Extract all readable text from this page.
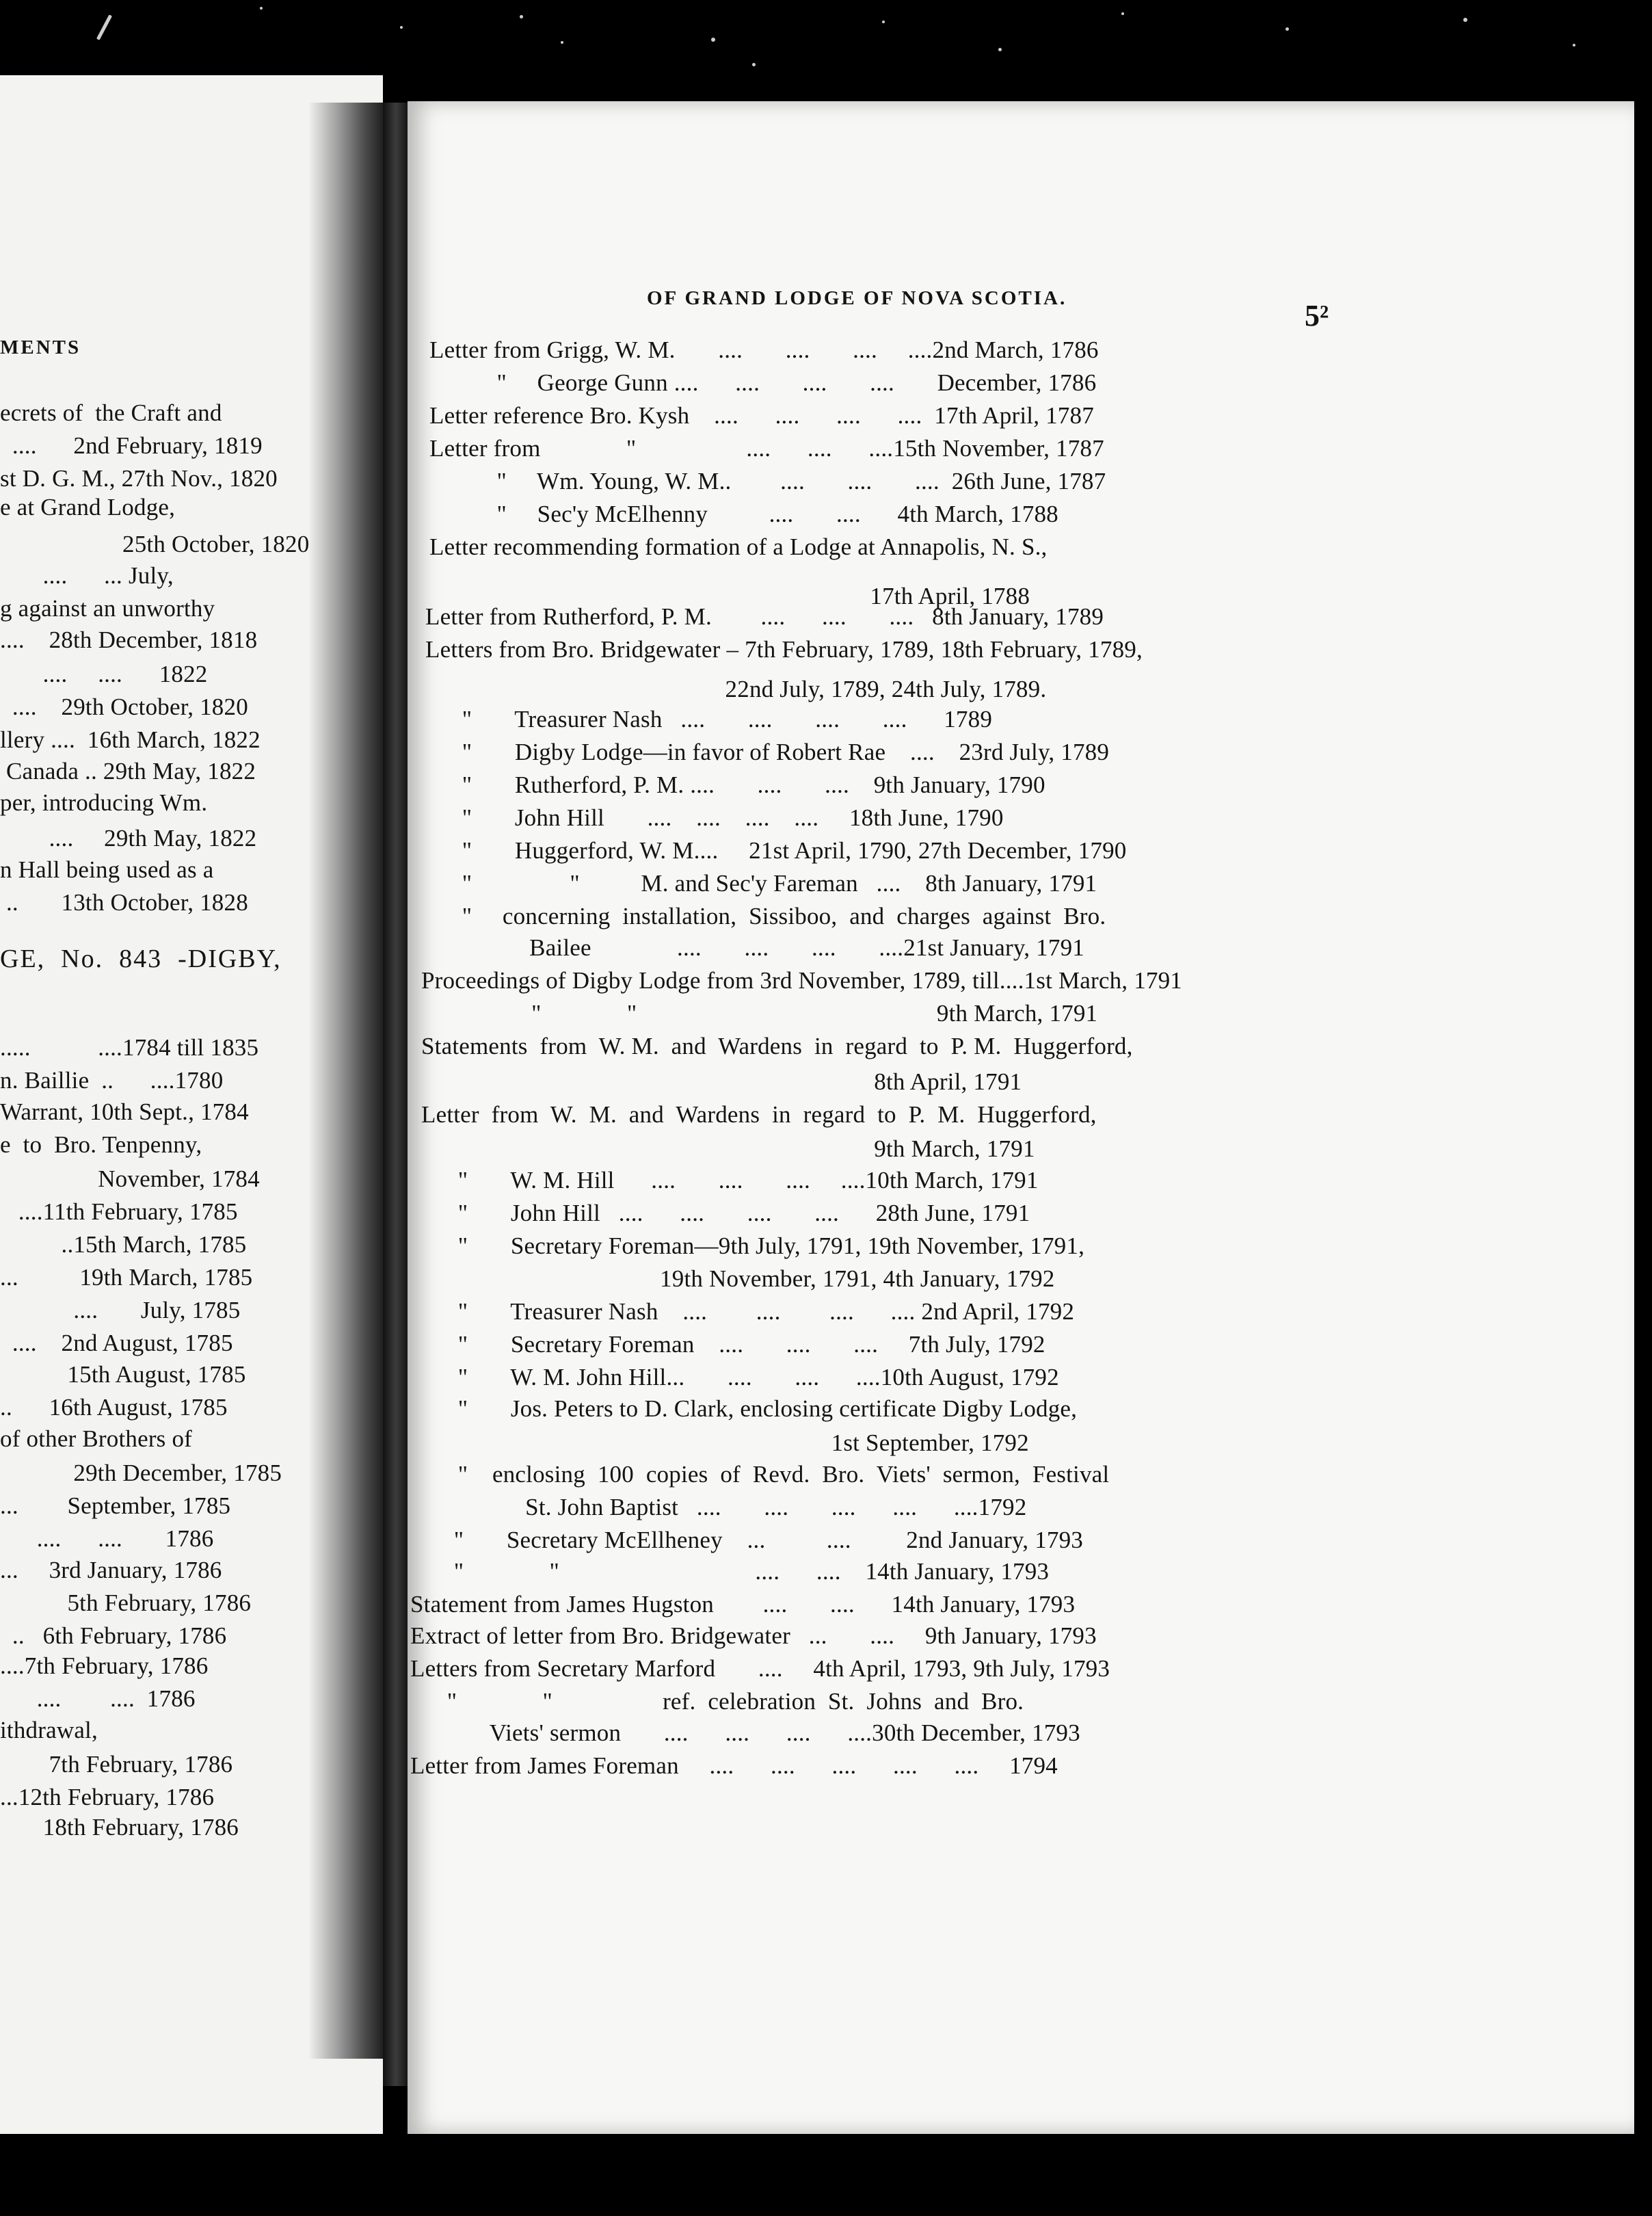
MENTS
ecrets of  the Craft and
....      2nd February, 1819
st D. G. M., 27th Nov., 1820
e at Grand Lodge,
25th October, 1820
....      ... July,
g against an unworthy
....    28th December, 1818
....     ....      1822
....    29th October, 1820
llery ....  16th March, 1822
Canada .. 29th May, 1822
per, introducing Wm.
....     29th May, 1822
n Hall being used as a
..       13th October, 1828
GE,  No.  843  -DIGBY,
.....           ....1784 till 1835
n. Baillie  ..      ....1780
Warrant, 10th Sept., 1784
e  to  Bro. Tenpenny,
November, 1784
....11th February, 1785
..15th March, 1785
...          19th March, 1785
....       July, 1785
....    2nd August, 1785
15th August, 1785
..      16th August, 1785
of other Brothers of
29th December, 1785
...        September, 1785
....      ....       1786
...     3rd January, 1786
5th February, 1786
..   6th February, 1786
....7th February, 1786
....        ....  1786
ithdrawal,
7th February, 1786
...12th February, 1786
18th February, 1786
OF GRAND LODGE OF NOVA SCOTIA.
5²
Letter from Grigg, W. M.       ....       ....       ....     ....2nd March, 1786
"     George Gunn ....      ....       ....       ....       December, 1786
Letter reference Bro. Kysh    ....      ....      ....      ....  17th April, 1787
Letter from              "                  ....      ....      ....15th November, 1787
"     Wm. Young, W. M..        ....       ....       ....  26th June, 1787
"     Sec'y McElhenny          ....       ....      4th March, 1788
Letter recommending formation of a Lodge at Annapolis, N. S.,
17th April, 1788
Letter from Rutherford, P. M.        ....      ....       ....   8th January, 1789
Letters from Bro. Bridgewater – 7th February, 1789, 18th February, 1789,
22nd July, 1789, 24th July, 1789.
"       Treasurer Nash   ....       ....       ....       ....      1789
"       Digby Lodge—in favor of Robert Rae    ....    23rd July, 1789
"       Rutherford, P. M. ....       ....       ....    9th January, 1790
"       John Hill       ....    ....    ....    ....     18th June, 1790
"       Huggerford, W. M....     21st April, 1790, 27th December, 1790
"                "          M. and Sec'y Fareman   ....    8th January, 1791
"     concerning  installation,  Sissiboo,  and  charges  against  Bro.
Bailee              ....       ....       ....       ....21st January, 1791
Proceedings of Digby Lodge from 3rd November, 1789, till....1st March, 1791
"              "                                                 9th March, 1791
Statements  from  W. M.  and  Wardens  in  regard  to  P. M.  Huggerford,
8th April, 1791
Letter  from  W.  M.  and  Wardens  in  regard  to  P.  M.  Huggerford,
9th March, 1791
"       W. M. Hill      ....       ....       ....     ....10th March, 1791
"       John Hill   ....      ....       ....       ....      28th June, 1791
"       Secretary Foreman—9th July, 1791, 19th November, 1791,
19th November, 1791, 4th January, 1792
"       Treasurer Nash    ....        ....        ....      .... 2nd April, 1792
"       Secretary Foreman    ....       ....       ....     7th July, 1792
"       W. M. John Hill...       ....       ....      ....10th August, 1792
"       Jos. Peters to D. Clark, enclosing certificate Digby Lodge,
1st September, 1792
"    enclosing  100  copies  of  Revd.  Bro.  Viets'  sermon,  Festival
St. John Baptist   ....       ....       ....      ....      ....1792
"       Secretary McEllheney    ...          ....         2nd January, 1793
"              "                                ....      ....    14th January, 1793
Statement from James Hugston        ....       ....      14th January, 1793
Extract of letter from Bro. Bridgewater   ...       ....     9th January, 1793
Letters from Secretary Marford       ....     4th April, 1793, 9th July, 1793
"              "                  ref.  celebration  St.  Johns  and  Bro.
Viets' sermon       ....      ....      ....      ....30th December, 1793
Letter from James Foreman     ....      ....      ....      ....      ....     1794
